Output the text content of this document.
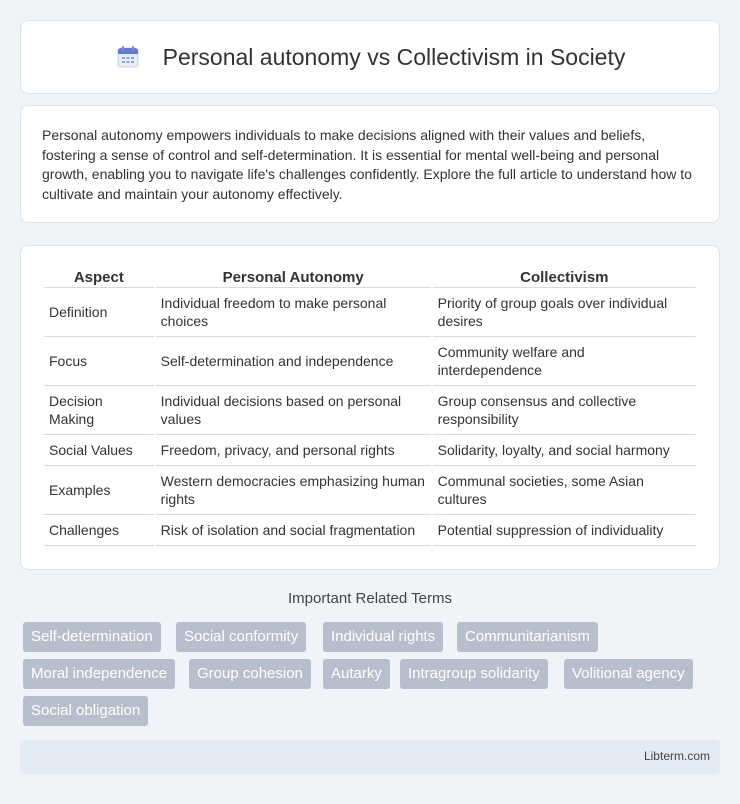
Personal autonomy vs Collectivism in Society

Personal autonomy empowers individuals to make decisions aligned with their values and beliefs, fostering a sense of control and self-determination. It is essential for mental well-being and personal growth, enabling you to navigate life's challenges confidently. Explore the full article to understand how to cultivate and maintain your autonomy effectively.

Aspect	Personal Autonomy	Collectivism
Definition	Individual freedom to make personal choices	Priority of group goals over individual desires
Focus	Self-determination and independence	Community welfare and interdependence
Decision Making	Individual decisions based on personal values	Group consensus and collective responsibility
Social Values	Freedom, privacy, and personal rights	Solidarity, loyalty, and social harmony
Examples	Western democracies emphasizing human rights	Communal societies, some Asian cultures
Challenges	Risk of isolation and social fragmentation	Potential suppression of individuality
Important Related Terms
Self-determination	Social conformity	Individual rights	Communitarianism
Moral independence	Group cohesion	Autarky	Intragroup solidarity	Volitional agency
Social obligation
Libterm.com
